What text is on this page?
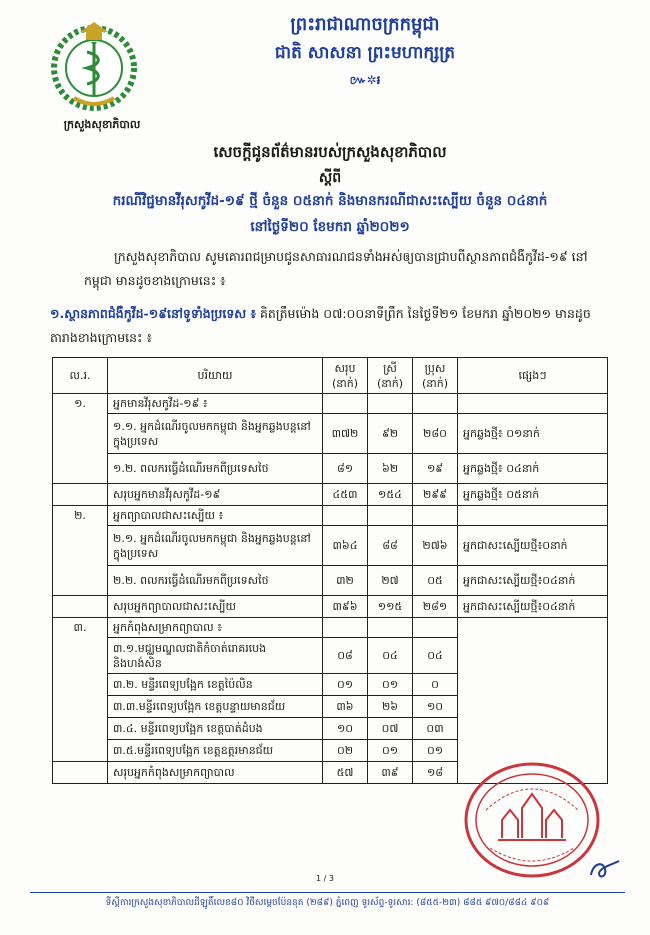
ក្រសួងសុខាភិបាល
ព្រះរាជាណាចក្រកម្ពុជា
ជាតិ សាសនា ព្រះមហាក្សត្រ
៚✲៛
សេចក្តីជូនព័ត៌មានរបស់ក្រសួងសុខាភិបាល
ស្តីពី
ករណីវិជ្ជមានវីរុសកូវីដ-១៩ ថ្មី ចំនួន ០៥នាក់ និងមានករណីជាសះស្បើយ ចំនួន ០៤នាក់
នៅថ្ងៃទី២០ ខែមករា ឆ្នាំ២០២១
ក្រសួងសុខាភិបាល សូមគោរពជម្រាបជូនសាធារណជនទាំងអស់ឲ្យបានជ្រាបពីស្ថានភាពជំងឺកូវីដ-១៩ នៅកម្ពុជា មានដូចខាងក្រោមនេះ ៖
១.ស្ថានភាពជំងឺកូវីដ-១៩នៅទូទាំងប្រទេស ៖ គិតត្រឹមម៉ោង ០៧:០០នាទីព្រឹក នៃថ្ងៃទី២១ ខែមករា ឆ្នាំ២០២១ មានដូចតារាងខាងក្រោមនេះ ៖
ល.រ.	បរិយាយ	សរុប (នាក់)	ស្រី (នាក់)	ប្រុស (នាក់)	ផ្សេងៗ
១.	អ្នកមានវីរុសកូវីដ-១៩ ៖				
	១.១. អ្នកដំណើរចូលមកកម្ពុជា និងអ្នកឆ្លងបន្តនៅក្នុងប្រទេស	៣៧២	៩២	២៨០	អ្នកឆ្លងថ្មី៖ ០១នាក់
	១.២. ពលករធ្វើដំណើរមកពីប្រទេសថៃ	៨១	៦២	១៩	អ្នកឆ្លងថ្មី៖ ០៤នាក់
	សរុបអ្នកមានវីរុសកូវីដ-១៩	៤៥៣	១៥៤	២៩៩	អ្នកឆ្លងថ្មី៖ ០៥នាក់
២.	អ្នកព្យាបាលជាសះស្បើយ ៖				
	២.១. អ្នកដំណើរចូលមកកម្ពុជា និងអ្នកឆ្លងបន្តនៅក្នុងប្រទេស	៣៦៤	៨៨	២៧៦	អ្នកជាសះស្បើយថ្មី៖០នាក់
	២.២. ពលករធ្វើដំណើរមកពីប្រទេសថៃ	៣២	២៧	០៥	អ្នកជាសះស្បើយថ្មី៖០៤នាក់
	សរុបអ្នកព្យាបាលជាសះស្បើយ	៣៩៦	១១៥	២៨១	អ្នកជាសះស្បើយថ្មី៖០៤នាក់
៣.	អ្នកកំពុងសម្រាកព្យាបាល ៖				
	៣.១.មជ្ឈមណ្ឌលជាតិកំចាត់រោគរបេង និងហង់សិន	០៨	០៤	០៤	
	៣.២. មន្ទីរពេទ្យបង្អែក ខេត្តប៉ៃលិន	០១	០១	០	
	៣.៣.មន្ទីរពេទ្យបង្អែក ខេត្តបន្ទាយមានជ័យ	៣៦	២៦	១០	
	៣.៤. មន្ទីរពេទ្យបង្អែក ខេត្តបាត់ដំបង	១០	០៧	០៣	
	៣.៥.មន្ទីរពេទ្យបង្អែក ខេត្តឧត្តរមានជ័យ	០២	០១	០១	
	សរុបអ្នកកំពុងសម្រាកព្យាបាល	៥៧	៣៩	១៨	
1 / 3
ទីស្តីការក្រសួងសុខាភិបាលដីឡូតិ៍លេខ៨០ វិថីសម្តេចប៉ែននុត (២៨៩) ភ្នំពេញ ទូរស័ព្ទ-ទូរសារ: (៨៥៥-២៣) ៨៨៥ ៩៧០/៨៨៤ ៩០៩
